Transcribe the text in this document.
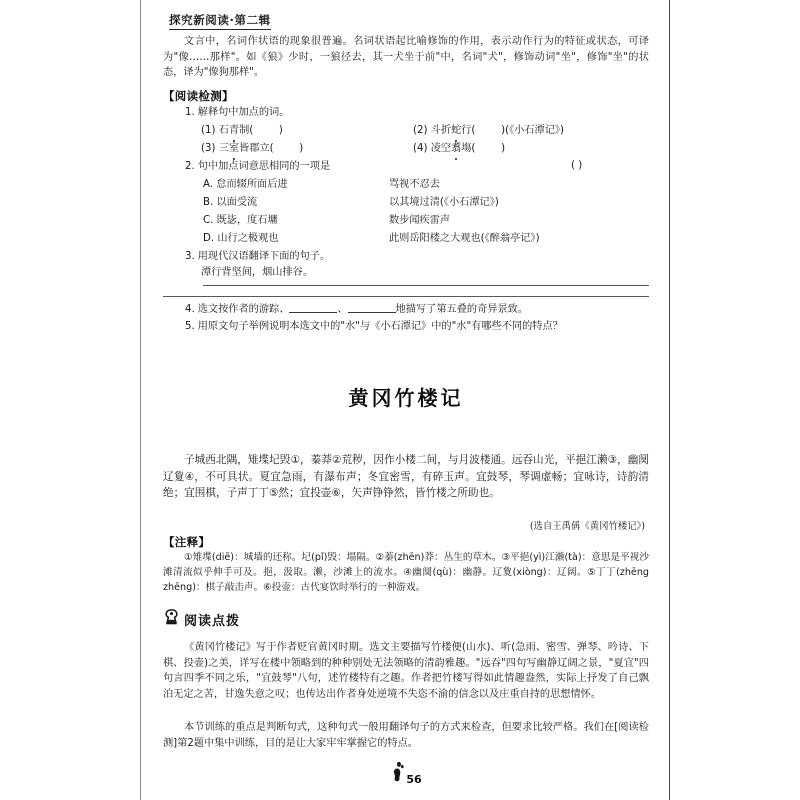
探究新阅读·第二辑
文言中，名词作状语的现象很普遍。名词状语起比喻修饰的作用，表示动作行为的特征或状态，可译为"像……那样"。如《狼》少时，一狼径去，其一犬坐于前"中，名词"犬"，修饰动词"坐"，修饰"坐"的状态，译为"像狗那样"。
【阅读检测】
1. 解释句中加点的词。
(1) 石青制(	)	(2) 斗折蛇行(	)(《小石潭记》)
(3) 三室皆郡立(	)	(4) 凌空翥塲(	)
2. 句中加点词意思相同的一项是	( )
A. 怠而辍所面后进	骂视不忍去
B. 以面受流	以其境过清(《小石潭记》)
C. 既毖，度石墉	数步闻疾雷声
D. 山行之极观也	此则岳阳楼之大观也(《醉翁亭记》)
3. 用现代汉语翻译下面的句子。
潭行背坚间，烟山排谷。
4. 选文按作者的游踪、	、	地描写了第五叠的奇异景致。
5. 用原文句子举例说明本选文中的"水"与《小石潭记》中的"水"有哪些不同的特点？
黄冈竹楼记
子城西北隅，雉堞圮毁①，蓁莽②荒秽，因作小楼二间，与月波楼通。远吞山光，平挹江濑③，幽阒辽夐④，不可具状。夏宜急雨，有瀑布声；冬宜密雪，有碎玉声。宜鼓琴，琴调虚畅；宜咏诗，诗韵清绝；宜围棋，子声丁丁⑤然；宜投壶⑥，矢声铮铮然，皆竹楼之所助也。
(选自王禹偁《黄冈竹楼记》)
【注释】
①雉堞(diē)：城墙的还称。圮(pǐ)毁：塌隔。②蓁(zhēn)莽：丛生的草木。③平挹(yì)江濑(tà)：意思是平视沙滩清流似乎伸手可及。挹，汲取。濑，沙滩上的流水。④幽阒(qù)：幽静。辽夐(xiòng)：辽阔。⑤丁丁(zhēng zhēng)：棋子敲击声。⑥投壶：古代宴饮时举行的一种游戏。
阅读点拨
《黄冈竹楼记》写于作者贬官黄冈时期。选文主要描写竹楼便(山水)、听(急雨、密雪、弹琴、吟诗、下棋、投壶)之美，详写在楼中领略到的种种别处无法领略的清韵雅趣。"远吞"四句写幽静辽阔之景，"夏宜"四句言四季不同之乐，"宜鼓琴"八句，述竹楼特有之趣。作者把竹楼写得如此情趣盎然，实际上抒发了自己飘泊无定之苦，甘逸失意之叹；也传达出作者身处逆境不失恣不渝的信念以及庄重自持的思想情怀。
本节训练的重点是判断句式，这种句式一般用翻译句子的方式来检查，但要求比较严格。我们在[阅读检测]第2题中集中训练，目的是让大家牢牢掌握它的特点。
56
